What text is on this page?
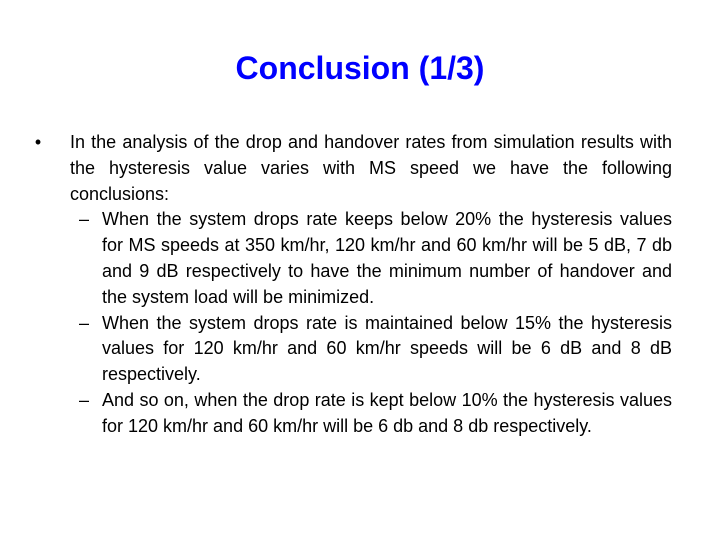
Conclusion (1/3)
•	In the analysis of the drop and handover rates from simulation results with the hysteresis value varies with MS speed we have the following conclusions:
– When the system drops rate keeps below 20% the hysteresis values for MS speeds at 350 km/hr, 120 km/hr and 60 km/hr will be 5 dB, 7 db and 9 dB respectively to have the minimum number of handover and the system load will be minimized.
– When the system drops rate is maintained below 15% the hysteresis values for 120 km/hr and 60 km/hr speeds will be 6 dB and 8 dB respectively.
– And so on, when the drop rate is kept below 10% the hysteresis values for 120 km/hr and 60 km/hr will be 6 db and 8 db respectively.
